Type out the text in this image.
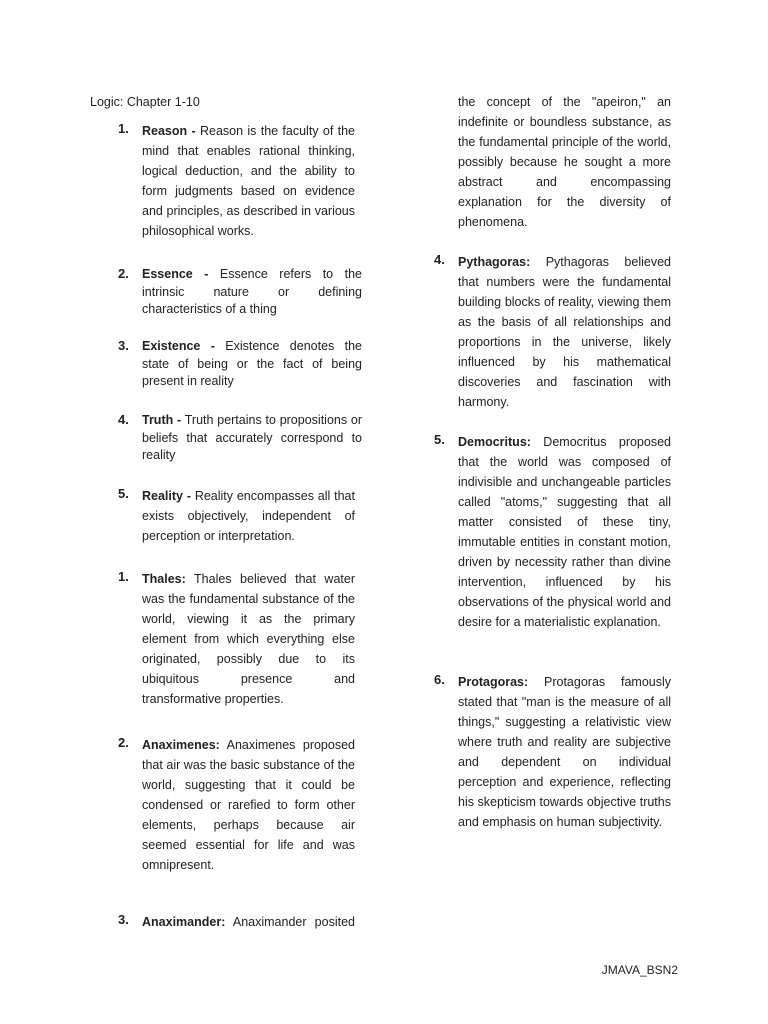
Logic: Chapter 1-10
1. Reason - Reason is the faculty of the mind that enables rational thinking, logical deduction, and the ability to form judgments based on evidence and principles, as described in various philosophical works.
2. Essence - Essence refers to the intrinsic nature or defining characteristics of a thing
3. Existence - Existence denotes the state of being or the fact of being present in reality
4. Truth - Truth pertains to propositions or beliefs that accurately correspond to reality
5. Reality - Reality encompasses all that exists objectively, independent of perception or interpretation.
1. Thales: Thales believed that water was the fundamental substance of the world, viewing it as the primary element from which everything else originated, possibly due to its ubiquitous presence and transformative properties.
2. Anaximenes: Anaximenes proposed that air was the basic substance of the world, suggesting that it could be condensed or rarefied to form other elements, perhaps because air seemed essential for life and was omnipresent.
3. Anaximander: Anaximander posited
the concept of the "apeiron," an indefinite or boundless substance, as the fundamental principle of the world, possibly because he sought a more abstract and encompassing explanation for the diversity of phenomena.
4. Pythagoras: Pythagoras believed that numbers were the fundamental building blocks of reality, viewing them as the basis of all relationships and proportions in the universe, likely influenced by his mathematical discoveries and fascination with harmony.
5. Democritus: Democritus proposed that the world was composed of indivisible and unchangeable particles called "atoms," suggesting that all matter consisted of these tiny, immutable entities in constant motion, driven by necessity rather than divine intervention, influenced by his observations of the physical world and desire for a materialistic explanation.
6. Protagoras: Protagoras famously stated that "man is the measure of all things," suggesting a relativistic view where truth and reality are subjective and dependent on individual perception and experience, reflecting his skepticism towards objective truths and emphasis on human subjectivity.
JMAVA_BSN2
